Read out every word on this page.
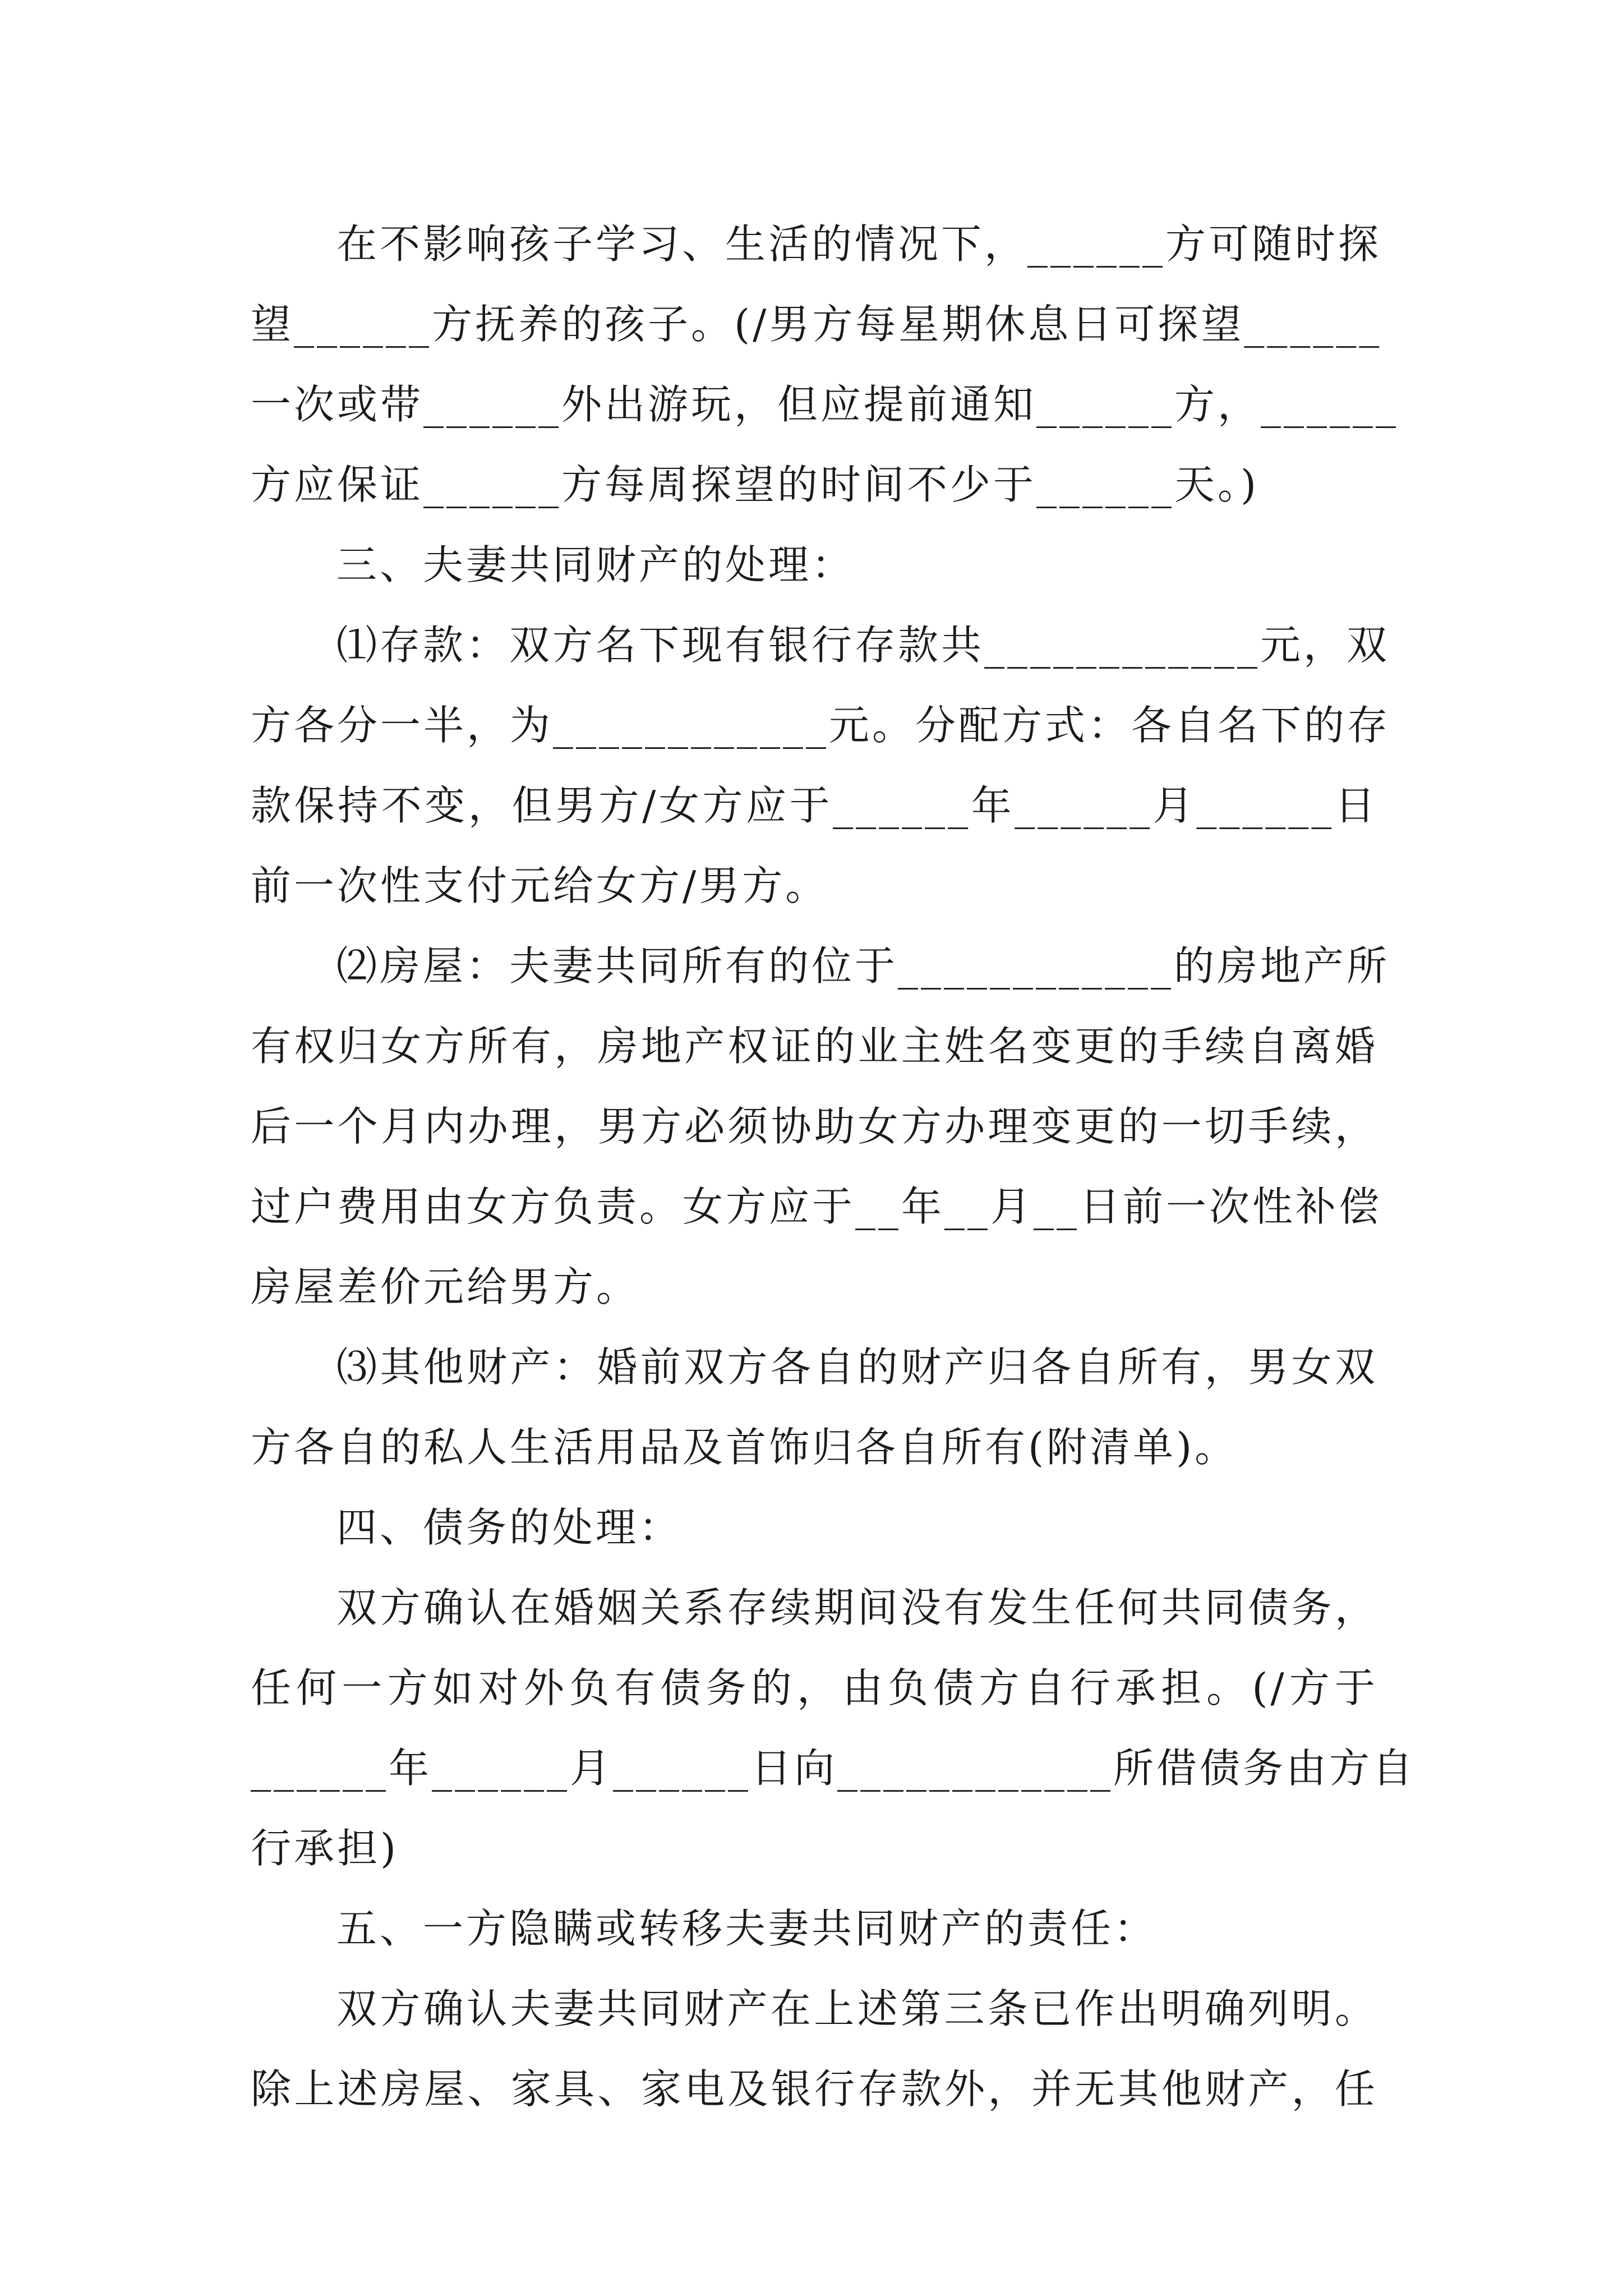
在不影响孩子学习、生活的情况下，______方可随时探
望______方抚养的孩子。(/男方每星期休息日可探望______
一次或带______外出游玩，但应提前通知______方，______
方应保证______方每周探望的时间不少于______天。)
三、夫妻共同财产的处理：
⑴存款：双方名下现有银行存款共____________元，双
方各分一半，为____________元。分配方式：各自名下的存
款保持不变，但男方/女方应于______年______月______日
前一次性支付元给女方/男方。
⑵房屋：夫妻共同所有的位于____________的房地产所
有权归女方所有，房地产权证的业主姓名变更的手续自离婚
后一个月内办理，男方必须协助女方办理变更的一切手续，
过户费用由女方负责。女方应于__年__月__日前一次性补偿
房屋差价元给男方。
⑶其他财产：婚前双方各自的财产归各自所有，男女双
方各自的私人生活用品及首饰归各自所有(附清单)。
四、债务的处理：
双方确认在婚姻关系存续期间没有发生任何共同债务，
任何一方如对外负有债务的，由负债方自行承担。(/方于
______年______月______日向____________所借债务由方自
行承担)
五、一方隐瞒或转移夫妻共同财产的责任：
双方确认夫妻共同财产在上述第三条已作出明确列明。
除上述房屋、家具、家电及银行存款外，并无其他财产，任
